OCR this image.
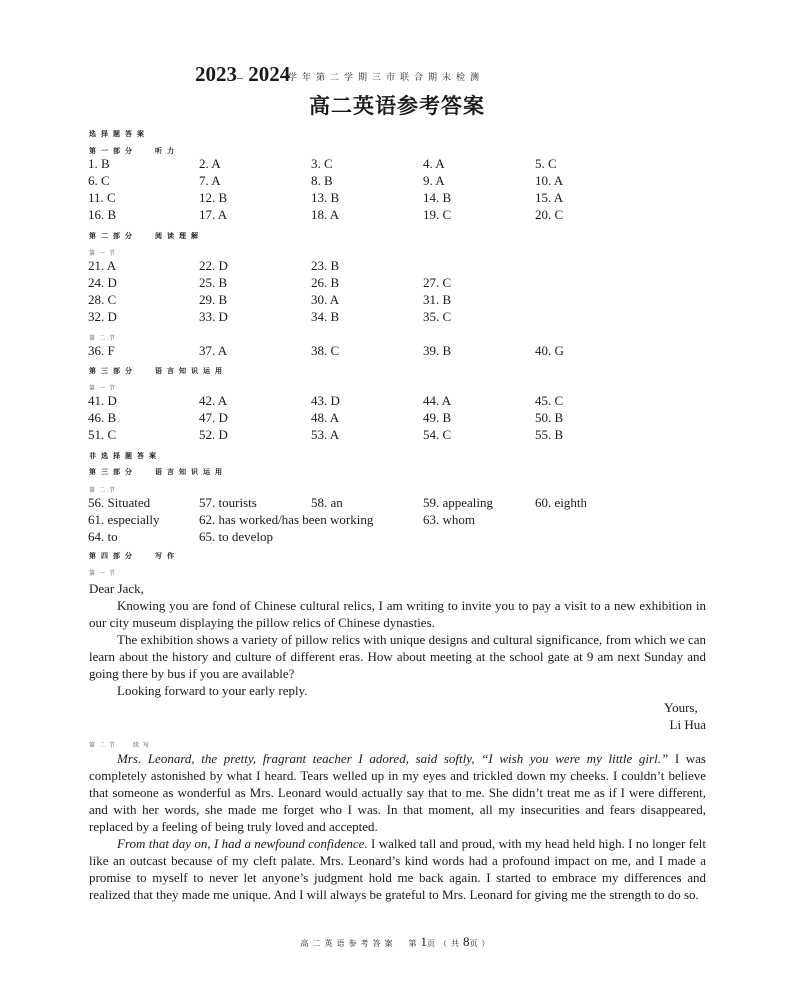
2023– 2024
学年第二学期三市联合期末检测
高二英语参考答案
选择题答案
第一部分	听力
1. B	2. A	3. C	4. A	5. C
6. C	7. A	8. B	9. A	10. A
11. C	12. B	13. B	14. B	15. A
16. B	17. A	18. A	19. C	20. C
第二部分	阅读理解
第一节
21. A	22. D	23. B
24. D	25. B	26. B	27. C
28. C	29. B	30. A	31. B
32. D	33. D	34. B	35. C
第二节
36. F	37. A	38. C	39. B	40. G
第三部分	语言知识运用
第一节
41. D	42. A	43. D	44. A	45. C
46. B	47. D	48. A	49. B	50. B
51. C	52. D	53. A	54. C	55. B
非选择题答案
第三部分	语言知识运用
第二节
56. Situated	57. tourists	58. an	59. appealing	60. eighth
61. especially	62. has worked/has been working	63. whom
64. to	65. to develop
第四部分	写作
第一节

Dear Jack,

Knowing you are fond of Chinese cultural relics, I am writing to invite you to pay a visit to a new exhibition in our city museum displaying the pillow relics of Chinese dynasties.

The exhibition shows a variety of pillow relics with unique designs and cultural significance, from which we can learn about the history and culture of different eras. How about meeting at the school gate at 9 am next Sunday and going there by bus if you are available?

Looking forward to your early reply.

Yours,

Li Hua

第二节 续写

Mrs. Leonard, the pretty, fragrant teacher I adored, said softly, “I wish you were my little girl.” I was completely astonished by what I heard. Tears welled up in my eyes and trickled down my cheeks. I couldn’t believe that someone as wonderful as Mrs. Leonard would actually say that to me. She didn’t treat me as if I were different, and with her words, she made me forget who I was. In that moment, all my insecurities and fears disappeared, replaced by a feeling of being truly loved and accepted.

From that day on, I had a newfound confidence. I walked tall and proud, with my head held high. I no longer felt like an outcast because of my cleft palate. Mrs. Leonard’s kind words had a profound impact on me, and I made a promise to myself to never let anyone’s judgment hold me back again. I started to embrace my differences and realized that they made me unique. And I will always be grateful to Mrs. Leonard for giving me the strength to do so.

高二英语参考答案 第1页（共8页）
